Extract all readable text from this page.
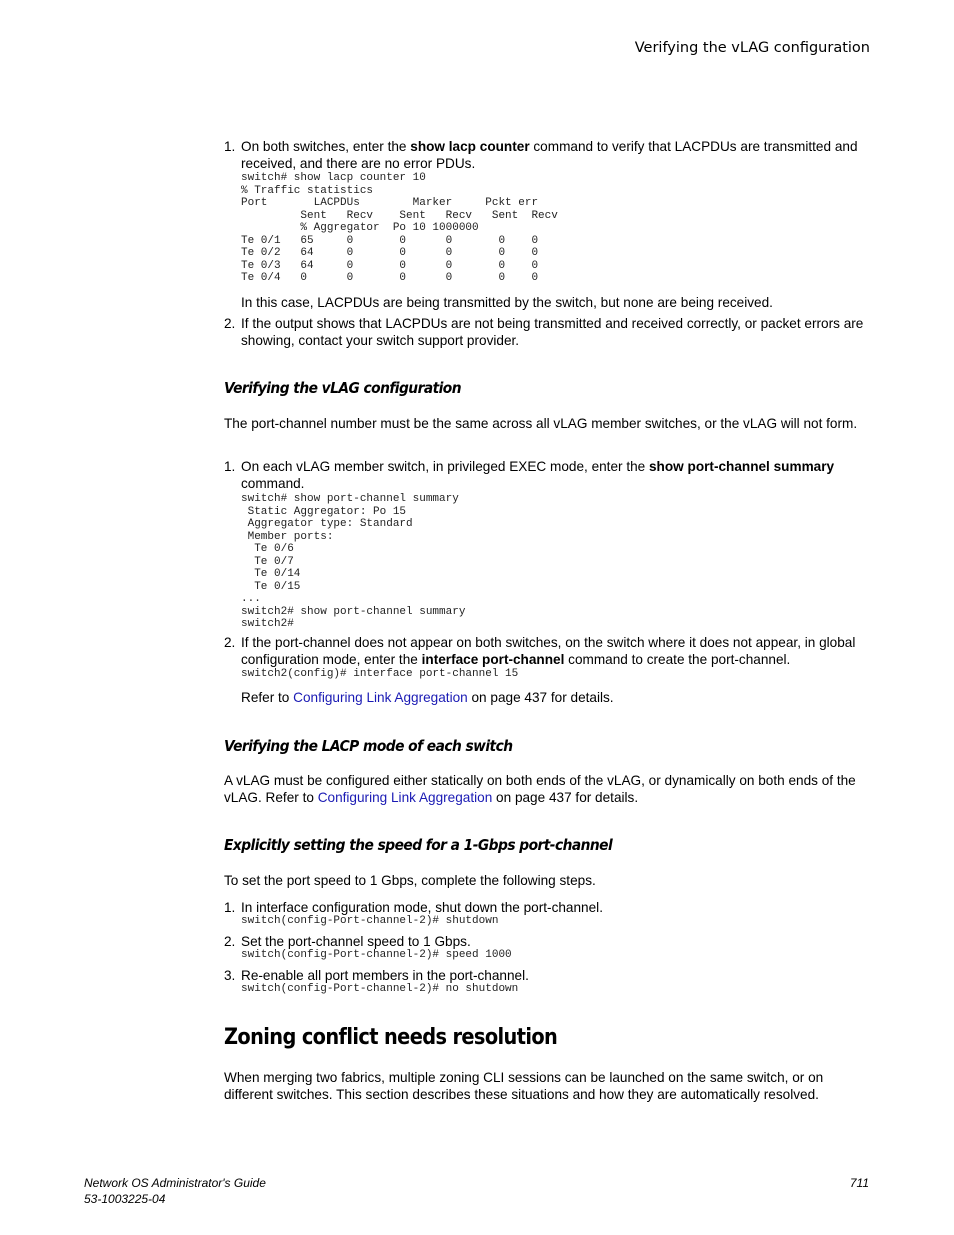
Verifying the vLAG configuration
1. On both switches, enter the show lacp counter command to verify that LACPDUs are transmitted and received, and there are no error PDUs.
switch# show lacp counter 10
% Traffic statistics
Port       LACPDUs        Marker     Pckt err
Sent   Recv    Sent   Recv   Sent  Recv
% Aggregator  Po 10 1000000
Te 0/1   65     0       0      0       0    0
Te 0/2   64     0       0      0       0    0
Te 0/3   64     0       0      0       0    0
Te 0/4   0      0       0      0       0    0
In this case, LACPDUs are being transmitted by the switch, but none are being received.
2. If the output shows that LACPDUs are not being transmitted and received correctly, or packet errors are showing, contact your switch support provider.
Verifying the vLAG configuration
The port-channel number must be the same across all vLAG member switches, or the vLAG will not form.
1. On each vLAG member switch, in privileged EXEC mode, enter the show port-channel summary command.
switch# show port-channel summary
Static Aggregator: Po 15
Aggregator type: Standard
Member ports:
Te 0/6
Te 0/7
Te 0/14
Te 0/15
...
switch2# show port-channel summary
switch2#
2. If the port-channel does not appear on both switches, on the switch where it does not appear, in global configuration mode, enter the interface port-channel command to create the port-channel.
switch2(config)# interface port-channel 15
Refer to Configuring Link Aggregation on page 437 for details.
Verifying the LACP mode of each switch
A vLAG must be configured either statically on both ends of the vLAG, or dynamically on both ends of the vLAG. Refer to Configuring Link Aggregation on page 437 for details.
Explicitly setting the speed for a 1-Gbps port-channel
To set the port speed to 1 Gbps, complete the following steps.
1. In interface configuration mode, shut down the port-channel.
switch(config-Port-channel-2)# shutdown
2. Set the port-channel speed to 1 Gbps.
switch(config-Port-channel-2)# speed 1000
3. Re-enable all port members in the port-channel.
switch(config-Port-channel-2)# no shutdown
Zoning conflict needs resolution
When merging two fabrics, multiple zoning CLI sessions can be launched on the same switch, or on different switches. This section describes these situations and how they are automatically resolved.
Network OS Administrator's Guide
53-1003225-04
711
